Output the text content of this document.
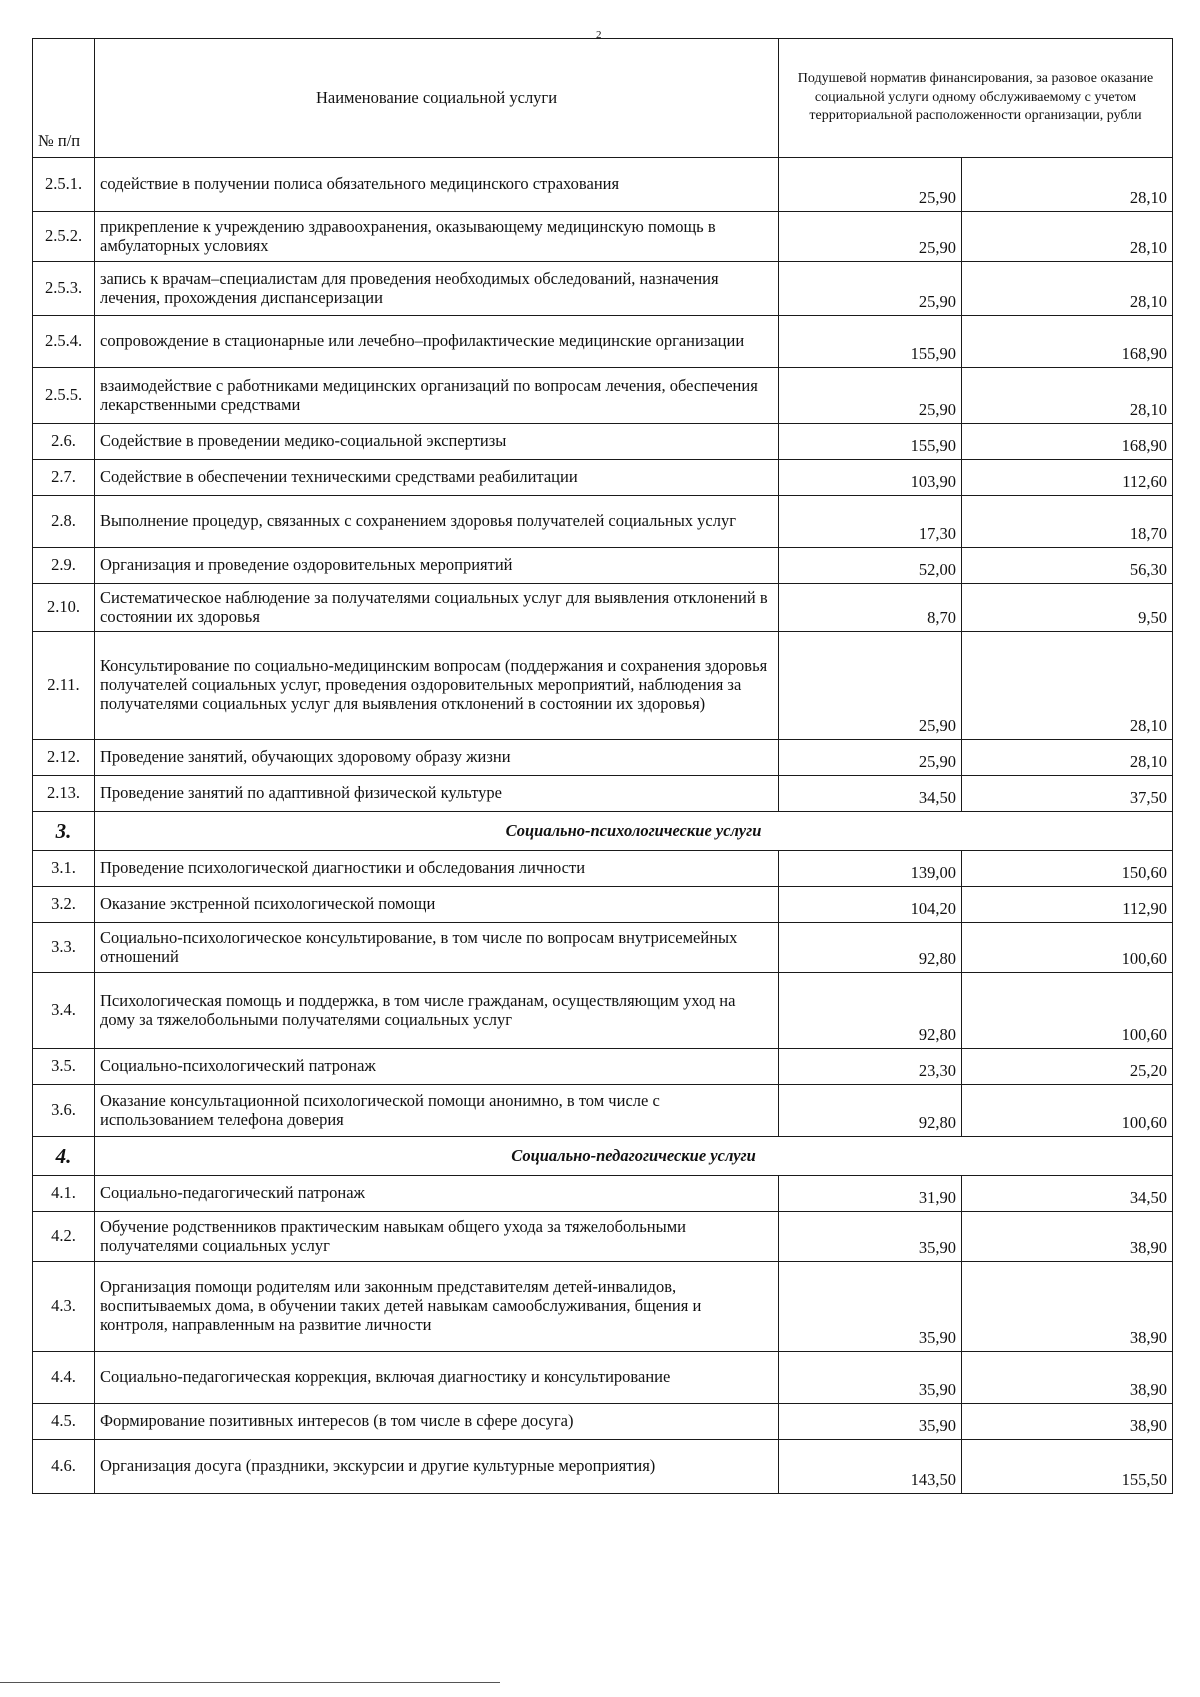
2
№ п/п	Наименование социальной услуги	Подушевой норматив финансирования, за разовое оказание социальной услуги одному обслуживаемому с учетом территориальной расположенности организации, рубли	
2.5.1.	содействие в получении полиса обязательного медицинского страхования	25,90	28,10
2.5.2.	прикрепление к учреждению здравоохранения, оказывающему медицинскую помощь в амбулаторных условиях	25,90	28,10
2.5.3.	запись к врачам–специалистам для проведения необходимых обследований, назначения лечения, прохождения диспансеризации	25,90	28,10
2.5.4.	сопровождение в стационарные или лечебно–профилактические медицинские организации	155,90	168,90
2.5.5.	взаимодействие с работниками медицинских организаций по вопросам лечения, обеспечения лекарственными средствами	25,90	28,10
2.6.	Содействие в проведении медико-социальной экспертизы	155,90	168,90
2.7.	Содействие в обеспечении техническими средствами реабилитации	103,90	112,60
2.8.	Выполнение процедур, связанных с сохранением здоровья получателей социальных услуг	17,30	18,70
2.9.	Организация и проведение оздоровительных мероприятий	52,00	56,30
2.10.	Систематическое наблюдение за получателями социальных услуг для выявления отклонений в состоянии их здоровья	8,70	9,50
2.11.	Консультирование по социально-медицинским вопросам (поддержания и сохранения здоровья получателей социальных услуг, проведения оздоровительных мероприятий, наблюдения за получателями социальных услуг для выявления отклонений в состоянии их здоровья)	25,90	28,10
2.12.	Проведение занятий, обучающих здоровому образу жизни	25,90	28,10
2.13.	Проведение занятий по адаптивной физической культуре	34,50	37,50
3.	Социально-психологические услуги		
3.1.	Проведение психологической диагностики и обследования личности	139,00	150,60
3.2.	Оказание экстренной психологической помощи	104,20	112,90
3.3.	Социально-психологическое консультирование, в том числе по вопросам внутрисемейных отношений	92,80	100,60
3.4.	Психологическая помощь и поддержка, в том числе гражданам, осуществляющим уход на дому за тяжелобольными получателями социальных услуг	92,80	100,60
3.5.	Социально-психологический патронаж	23,30	25,20
3.6.	Оказание консультационной психологической помощи анонимно, в том числе с использованием телефона доверия	92,80	100,60
4.	Социально-педагогические услуги		
4.1.	Социально-педагогический патронаж	31,90	34,50
4.2.	Обучение родственников практическим навыкам общего ухода за тяжелобольными получателями социальных услуг	35,90	38,90
4.3.	Организация помощи родителям или законным представителям детей-инвалидов, воспитываемых дома, в обучении таких детей навыкам самообслуживания, бщения и контроля, направленным на развитие личности	35,90	38,90
4.4.	Социально-педагогическая коррекция, включая диагностику и консультирование	35,90	38,90
4.5.	Формирование позитивных интересов (в том числе в сфере досуга)	35,90	38,90
4.6.	Организация досуга (праздники, экскурсии и другие культурные мероприятия)	143,50	155,50
